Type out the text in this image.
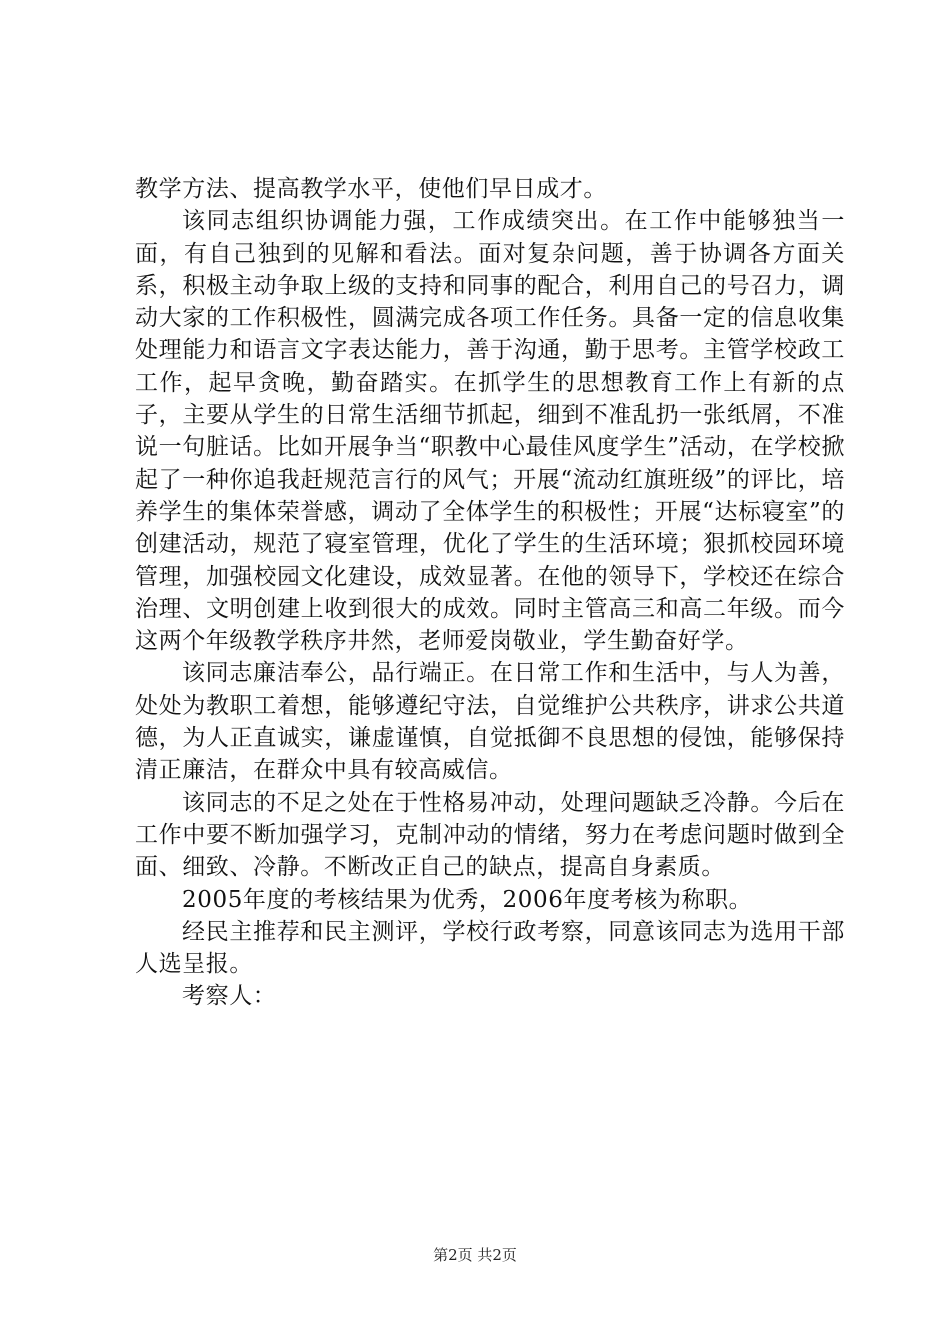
教学方法、提高教学水平，使他们早日成才。

该同志组织协调能力强，工作成绩突出。在工作中能够独当一面，有自己独到的见解和看法。面对复杂问题，善于协调各方面关系，积极主动争取上级的支持和同事的配合，利用自己的号召力，调动大家的工作积极性，圆满完成各项工作任务。具备一定的信息收集处理能力和语言文字表达能力，善于沟通，勤于思考。主管学校政工工作，起早贪晚，勤奋踏实。在抓学生的思想教育工作上有新的点子，主要从学生的日常生活细节抓起，细到不准乱扔一张纸屑，不准说一句脏话。比如开展争当“职教中心最佳风度学生”活动，在学校掀起了一种你追我赶规范言行的风气；开展“流动红旗班级”的评比，培养学生的集体荣誉感，调动了全体学生的积极性；开展“达标寝室”的创建活动，规范了寝室管理，优化了学生的生活环境；狠抓校园环境管理，加强校园文化建设，成效显著。在他的领导下，学校还在综合治理、文明创建上收到很大的成效。同时主管高三和高二年级。而今这两个年级教学秩序井然，老师爱岗敬业，学生勤奋好学。

该同志廉洁奉公，品行端正。在日常工作和生活中，与人为善，处处为教职工着想，能够遵纪守法，自觉维护公共秩序，讲求公共道德，为人正直诚实，谦虚谨慎，自觉抵御不良思想的侵蚀，能够保持清正廉洁，在群众中具有较高威信。

该同志的不足之处在于性格易冲动，处理问题缺乏冷静。今后在工作中要不断加强学习，克制冲动的情绪，努力在考虑问题时做到全面、细致、冷静。不断改正自己的缺点，提高自身素质。

2005年度的考核结果为优秀，2006年度考核为称职。

经民主推荐和民主测评，学校行政考察，同意该同志为选用干部人选呈报。

考察人：

第2页 共2页
